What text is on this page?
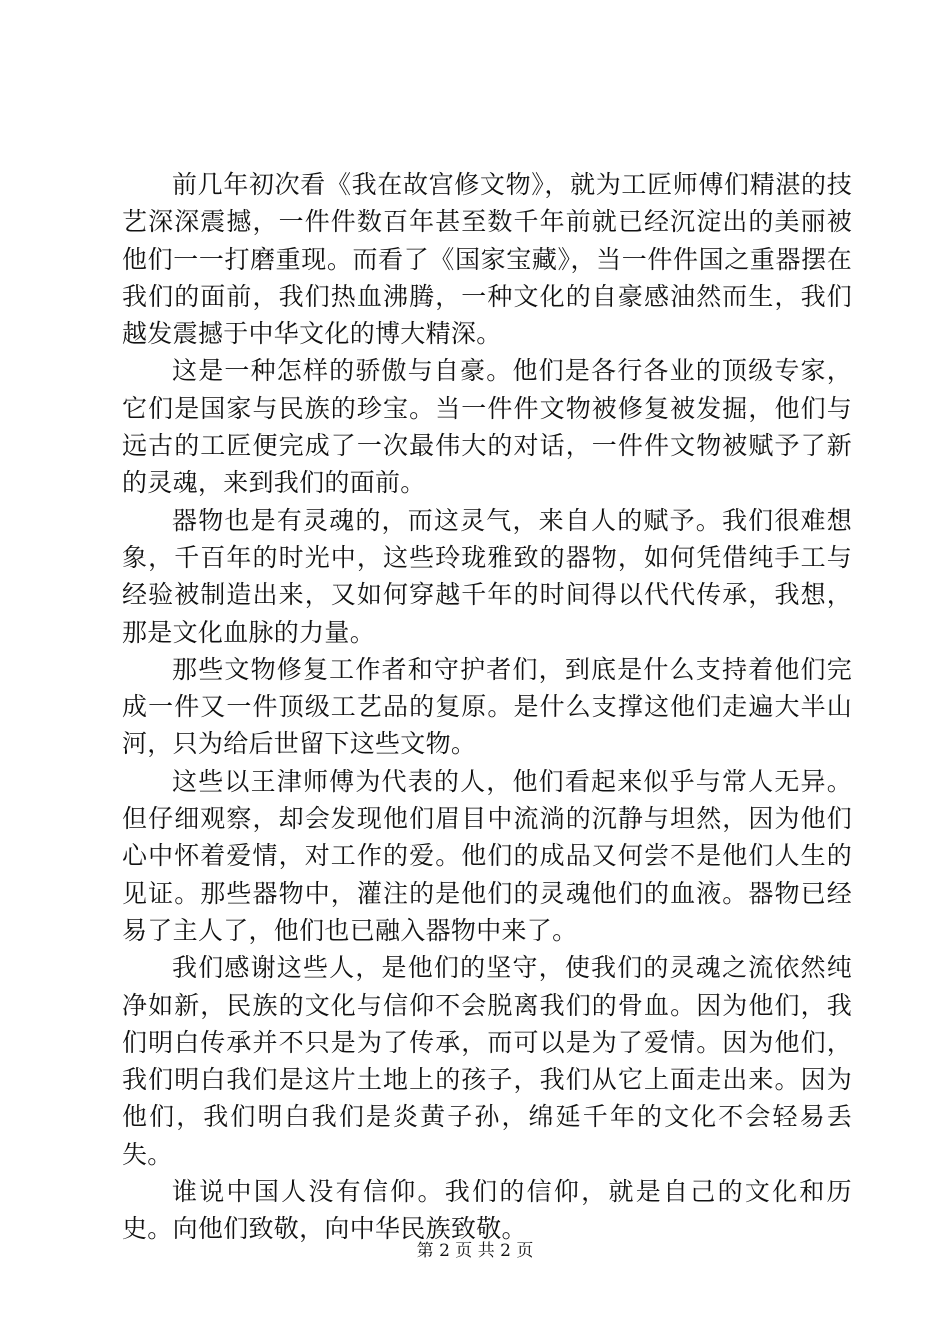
前几年初次看《我在故宫修文物》，就为工匠师傅们精湛的技艺深深震撼，一件件数百年甚至数千年前就已经沉淀出的美丽被他们一一打磨重现。而看了《国家宝藏》，当一件件国之重器摆在我们的面前，我们热血沸腾，一种文化的自豪感油然而生，我们越发震撼于中华文化的博大精深。

这是一种怎样的骄傲与自豪。他们是各行各业的顶级专家，它们是国家与民族的珍宝。当一件件文物被修复被发掘，他们与远古的工匠便完成了一次最伟大的对话，一件件文物被赋予了新的灵魂，来到我们的面前。

器物也是有灵魂的，而这灵气，来自人的赋予。我们很难想象，千百年的时光中，这些玲珑雅致的器物，如何凭借纯手工与经验被制造出来，又如何穿越千年的时间得以代代传承，我想，那是文化血脉的力量。

那些文物修复工作者和守护者们，到底是什么支持着他们完成一件又一件顶级工艺品的复原。是什么支撑这他们走遍大半山河，只为给后世留下这些文物。

这些以王津师傅为代表的人，他们看起来似乎与常人无异。但仔细观察，却会发现他们眉目中流淌的沉静与坦然，因为他们心中怀着爱情，对工作的爱。他们的成品又何尝不是他们人生的见证。那些器物中，灌注的是他们的灵魂他们的血液。器物已经易了主人了，他们也已融入器物中来了。

我们感谢这些人，是他们的坚守，使我们的灵魂之流依然纯净如新，民族的文化与信仰不会脱离我们的骨血。因为他们，我们明白传承并不只是为了传承，而可以是为了爱情。因为他们，我们明白我们是这片土地上的孩子，我们从它上面走出来。因为他们，我们明白我们是炎黄子孙，绵延千年的文化不会轻易丢失。

谁说中国人没有信仰。我们的信仰，就是自己的文化和历史。向他们致敬，向中华民族致敬。

第 2 页 共 2 页
